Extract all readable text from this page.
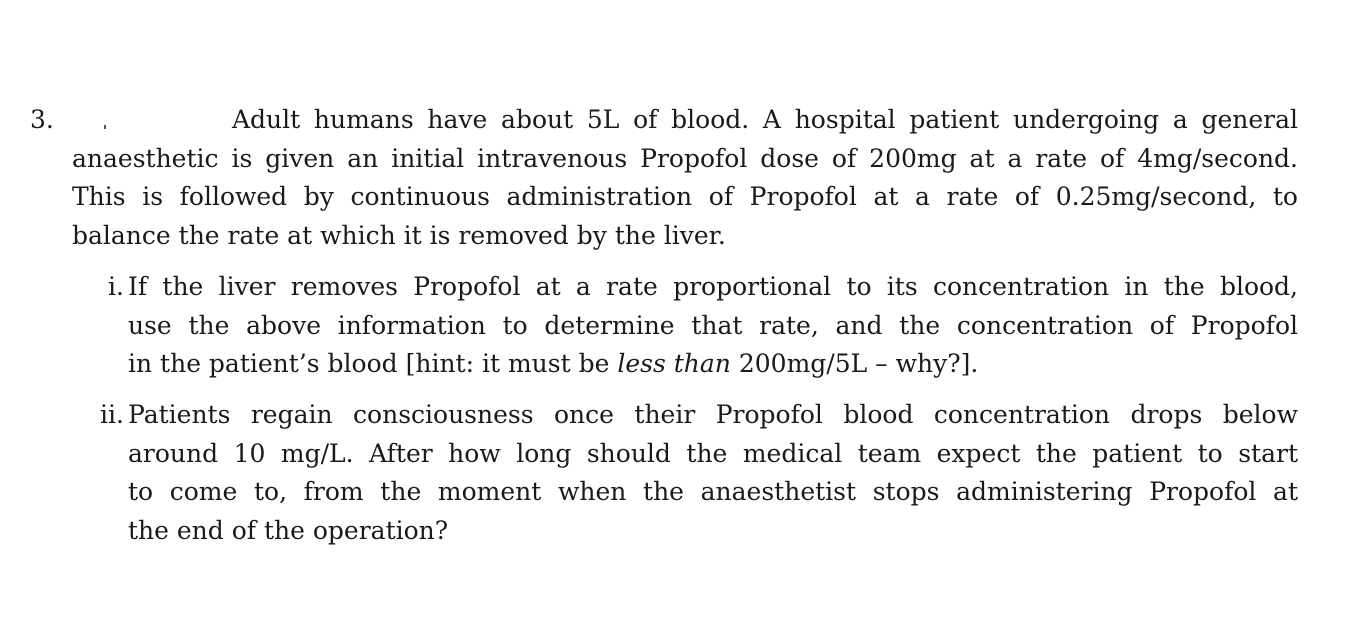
3.	Adult humans have about 5L of blood. A hospital patient undergoing a general
anaesthetic is given an initial intravenous Propofol dose of 200mg at a rate of 4mg/second.
This is followed by continuous administration of Propofol at a rate of 0.25mg/second, to
balance the rate at which it is removed by the liver.
i. If the liver removes Propofol at a rate proportional to its concentration in the blood,
use the above information to determine that rate, and the concentration of Propofol
in the patient’s blood [hint: it must be less than 200mg/5L – why?].
ii. Patients regain consciousness once their Propofol blood concentration drops below
around 10 mg/L. After how long should the medical team expect the patient to start
to come to, from the moment when the anaesthetist stops administering Propofol at
the end of the operation?
